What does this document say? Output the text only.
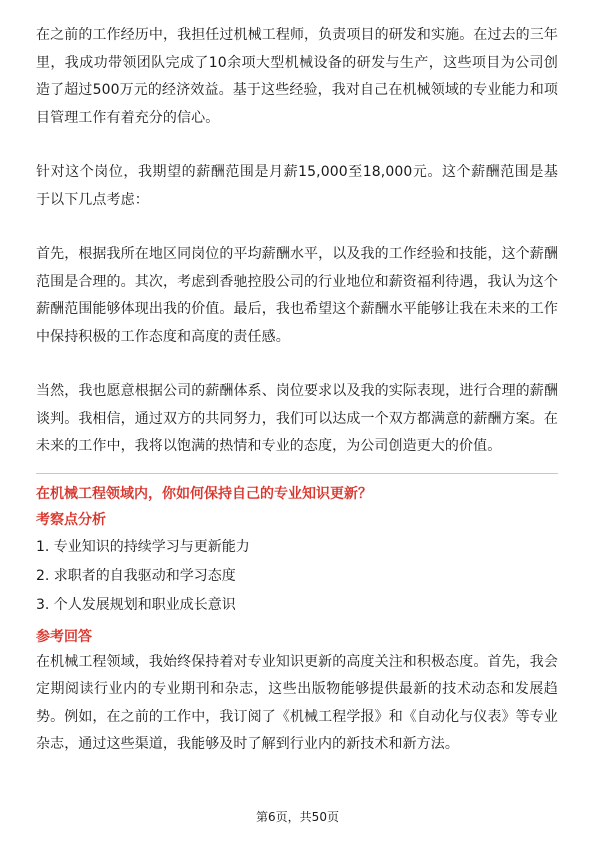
在之前的工作经历中，我担任过机械工程师，负责项目的研发和实施。在过去的三年里，我成功带领团队完成了10余项大型机械设备的研发与生产，这些项目为公司创造了超过500万元的经济效益。基于这些经验，我对自己在机械领域的专业能力和项目管理工作有着充分的信心。

针对这个岗位，我期望的薪酬范围是月薪15,000至18,000元。这个薪酬范围是基于以下几点考虑：

首先，根据我所在地区同岗位的平均薪酬水平，以及我的工作经验和技能，这个薪酬范围是合理的。其次，考虑到香驰控股公司的行业地位和薪资福利待遇，我认为这个薪酬范围能够体现出我的价值。最后，我也希望这个薪酬水平能够让我在未来的工作中保持积极的工作态度和高度的责任感。

当然，我也愿意根据公司的薪酬体系、岗位要求以及我的实际表现，进行合理的薪酬谈判。我相信，通过双方的共同努力，我们可以达成一个双方都满意的薪酬方案。在未来的工作中，我将以饱满的热情和专业的态度，为公司创造更大的价值。

在机械工程领域内，你如何保持自己的专业知识更新？

考察点分析

1. 专业知识的持续学习与更新能力
2. 求职者的自我驱动和学习态度
3. 个人发展规划和职业成长意识

参考回答

在机械工程领域，我始终保持着对专业知识更新的高度关注和积极态度。首先，我会定期阅读行业内的专业期刊和杂志，这些出版物能够提供最新的技术动态和发展趋势。例如，在之前的工作中，我订阅了《机械工程学报》和《自动化与仪表》等专业杂志，通过这些渠道，我能够及时了解到行业内的新技术和新方法。

第6页，共50页
